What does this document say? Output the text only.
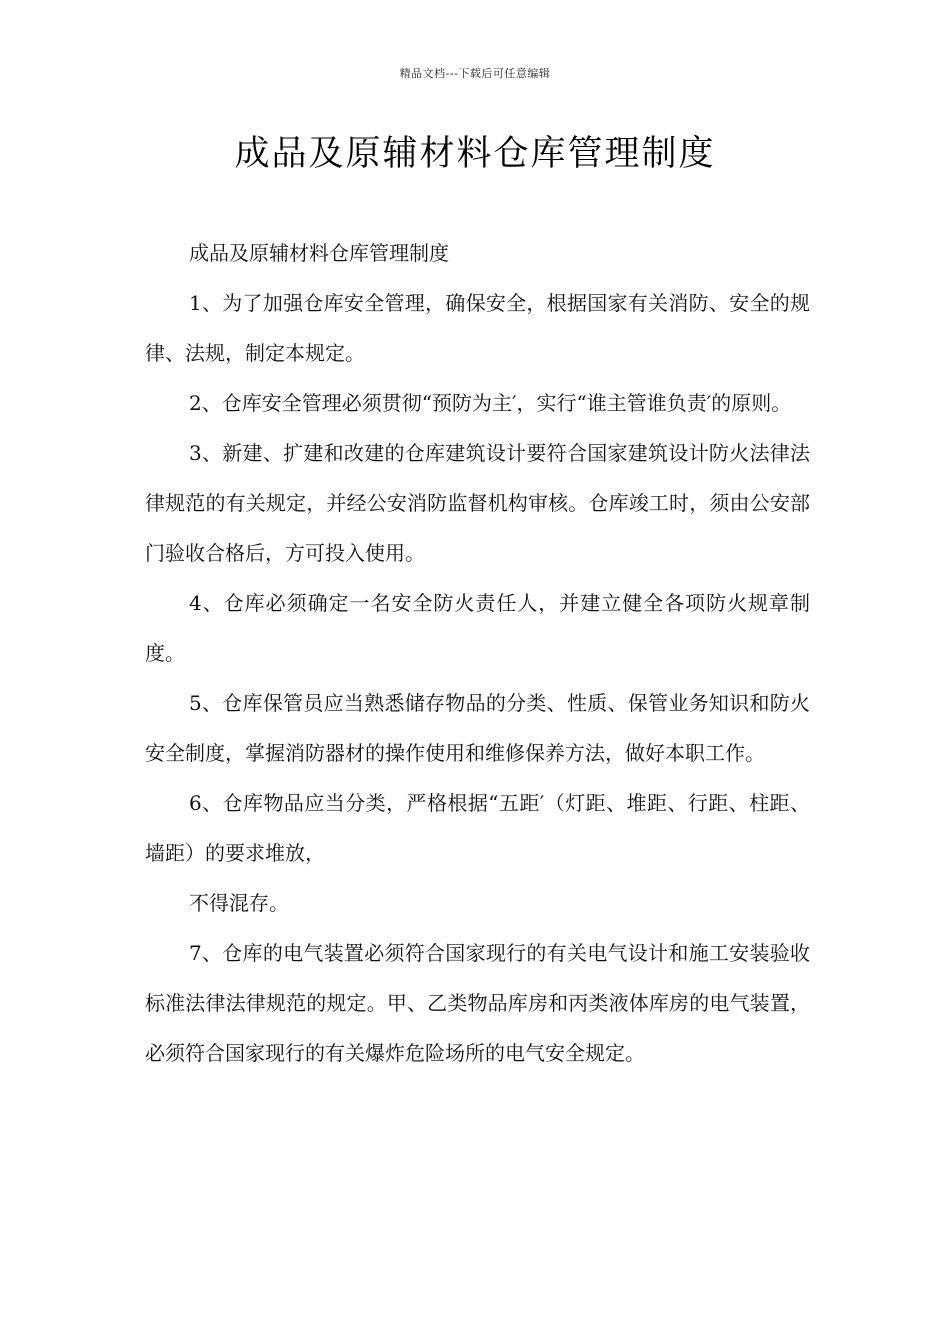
精品文档---下载后可任意编辑
成品及原辅材料仓库管理制度

成品及原辅材料仓库管理制度

1、为了加强仓库安全管理，确保安全，根据国家有关消防、安全的规律、法规，制定本规定。

2、仓库安全管理必须贯彻“预防为主′，实行“谁主管谁负责′的原则。

3、新建、扩建和改建的仓库建筑设计要符合国家建筑设计防火法律法律规范的有关规定，并经公安消防监督机构审核。仓库竣工时，须由公安部门验收合格后，方可投入使用。

4、仓库必须确定一名安全防火责任人，并建立健全各项防火规章制度。

5、仓库保管员应当熟悉储存物品的分类、性质、保管业务知识和防火安全制度，掌握消防器材的操作使用和维修保养方法，做好本职工作。

6、仓库物品应当分类，严格根据“五距′（灯距、堆距、行距、柱距、墙距）的要求堆放，

不得混存。

7、仓库的电气装置必须符合国家现行的有关电气设计和施工安装验收标准法律法律规范的规定。甲、乙类物品库房和丙类液体库房的电气装置，必须符合国家现行的有关爆炸危险场所的电气安全规定。
